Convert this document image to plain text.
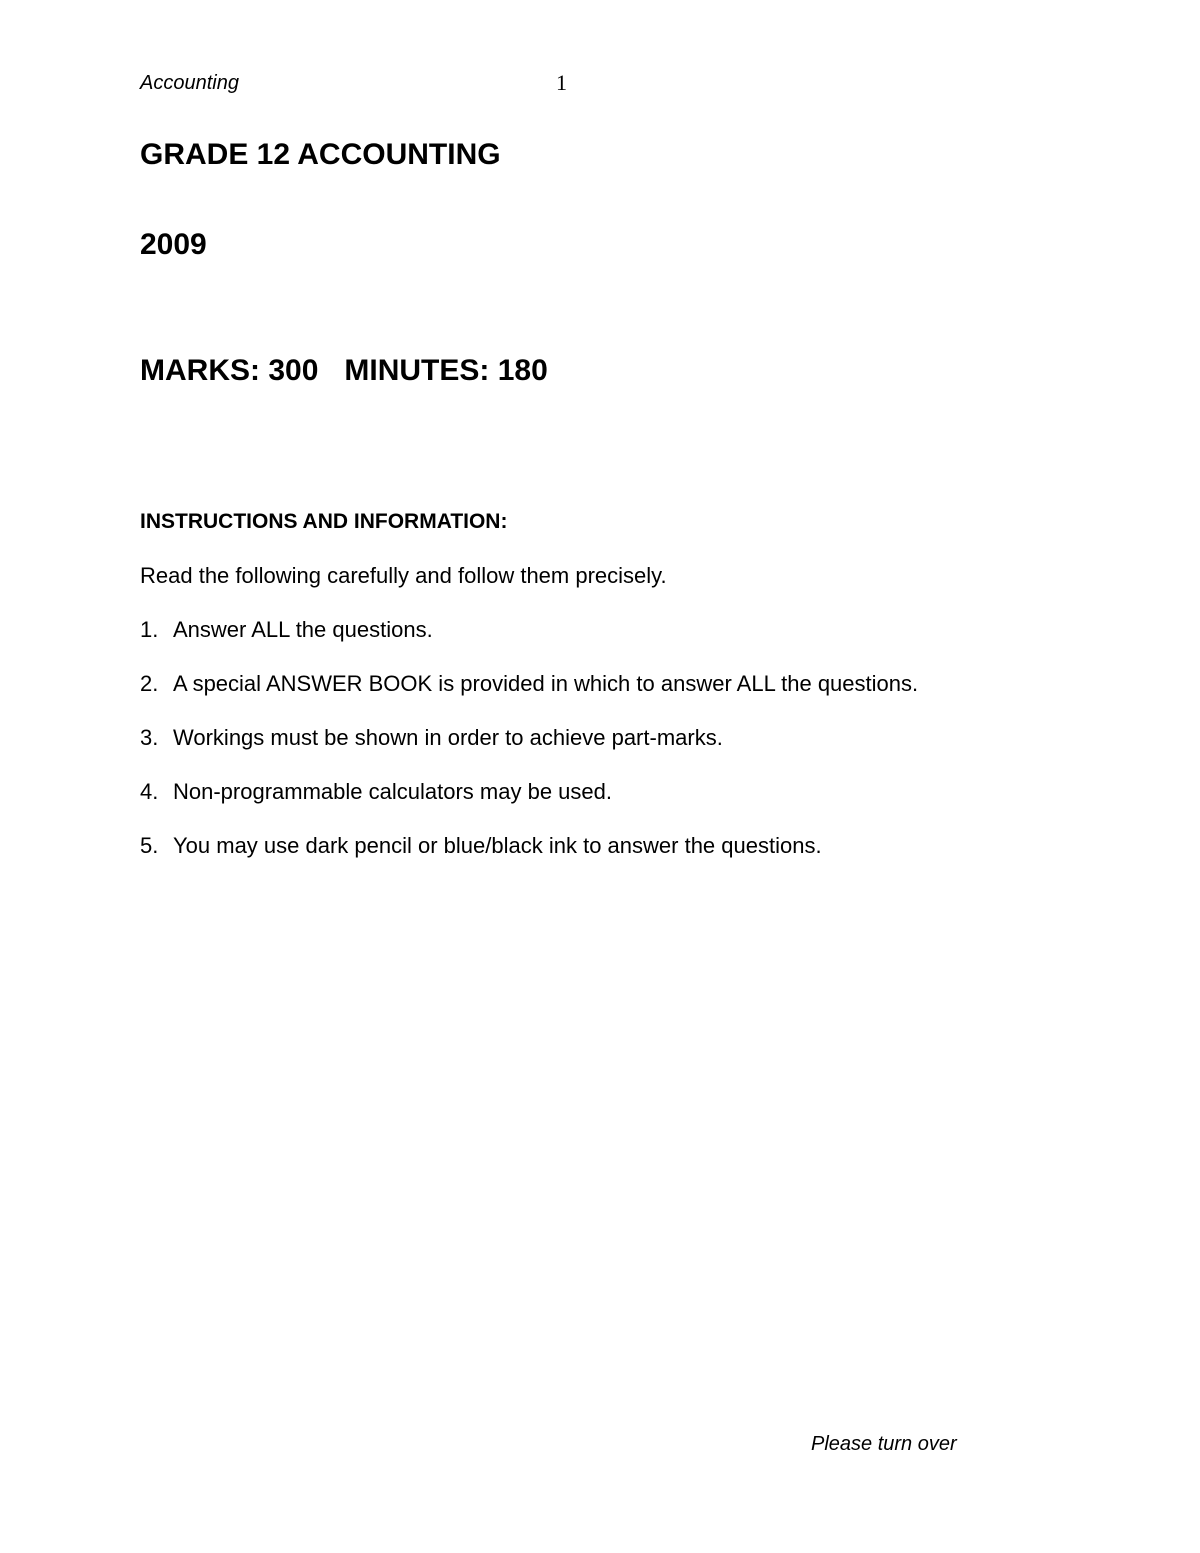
Accounting	1
GRADE 12 ACCOUNTING
2009
MARKS: 300 MINUTES: 180
INSTRUCTIONS AND INFORMATION:
Read the following carefully and follow them precisely.
1. Answer ALL the questions.
2. A special ANSWER BOOK is provided in which to answer ALL the questions.
3. Workings must be shown in order to achieve part-marks.
4. Non-programmable calculators may be used.
5. You may use dark pencil or blue/black ink to answer the questions.
Please turn over
